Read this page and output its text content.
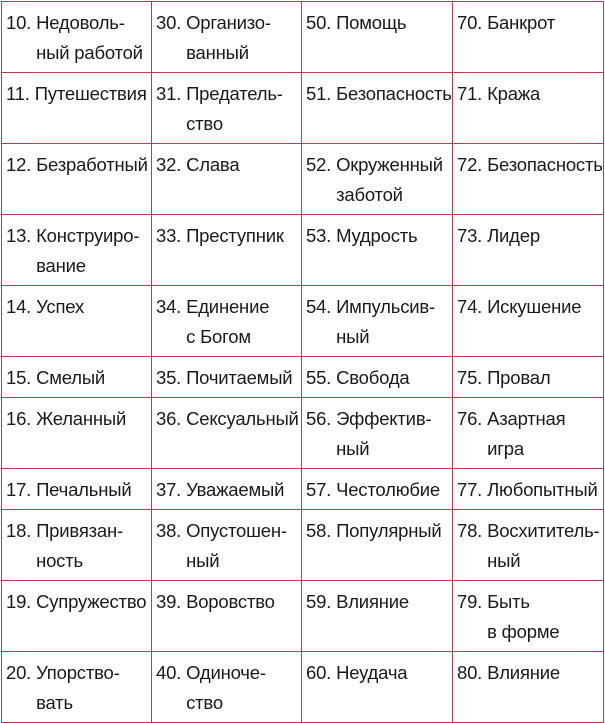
10.
Недоволь-
ный работой	30.
Организо-
ванный	50.
Помощь	70.
Банкрот

11.
Путешествия	31.
Предатель-
ство	51.
Безопасность	71.
Кража

12.
Безработный	32.
Слава	52.
Окруженный
заботой	72.
Безопасность

13.
Конструиро-
вание	33.
Преступник	53.
Мудрость	73.
Лидер

14.
Успех	34.
Единение
с Богом	54.
Импульсив-
ный	74.
Искушение

15.
Смелый	35.
Почитаемый	55.
Свобода	75.
Провал

16.
Желанный	36.
Сексуальный	56.
Эффектив-
ный	76.
Азартная
игра

17.
Печальный	37.
Уважаемый	57.
Честолюбие	77.
Любопытный

18.
Привязан-
ность	38.
Опустошен-
ный	58.
Популярный	78.
Восхититель-
ный

19.
Супружество	39.
Воровство	59.
Влияние	79.
Быть
в форме

20.
Упорство-
вать	40.
Одиноче-
ство	60.
Неудача	80.
Влияние
